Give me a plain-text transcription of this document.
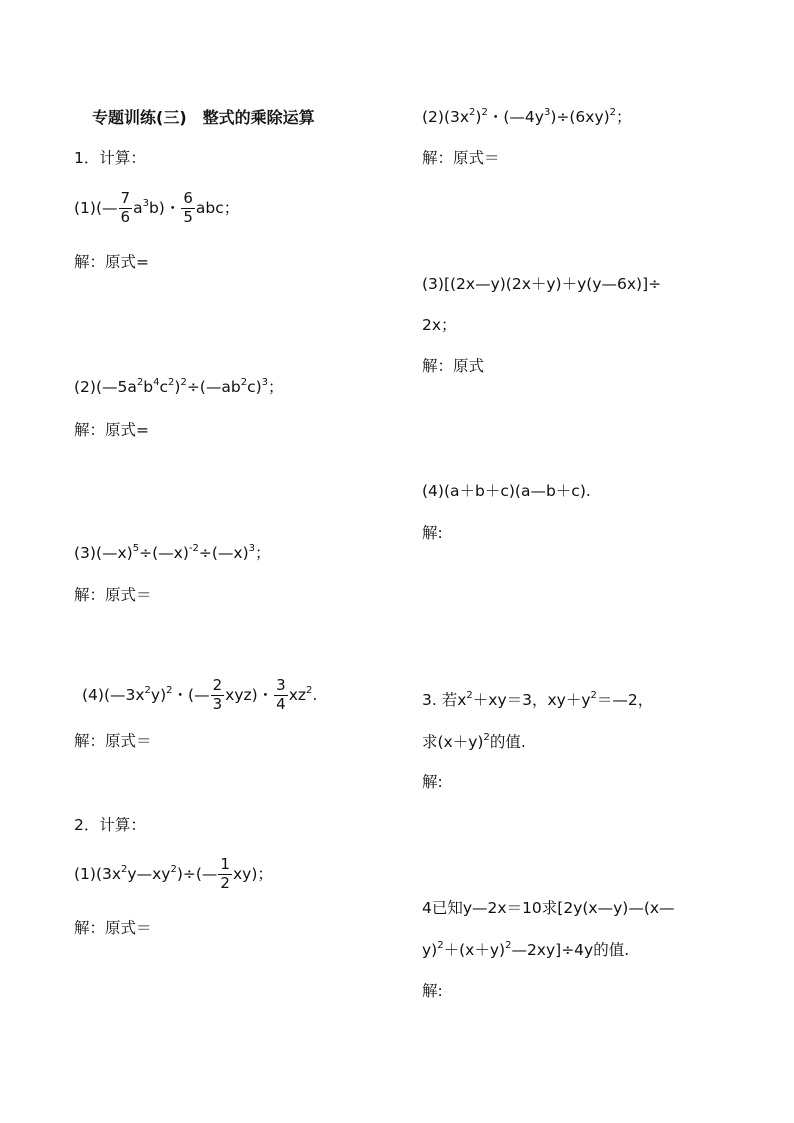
专题训练(三)　整式的乘除运算
1．计算：
(1)(— $\frac{7}{6} a^3b$)・ $\frac{6}{5}$ abc；
解：原式=
$(2)(—5a^2b^4c^2)^2\div(—ab^2c)^3$；
解：原式=
(3)(—x)$^5$÷(—x)$^{-2}$÷(—x)$^3$；
解：原式＝
$(4)(—3x^2y)^2$・(— $\frac{2}{3} xyz$)・ $\frac{3}{4} xz^2$.
解：原式＝
2．计算：
$(1)(3x^2y—xy^2)\div(— \frac{1}{2} xy)$；
解：原式＝
$(2)(3x^2)^2$・$(—4y^3)\div(6xy)^2$；
解：原式＝
(3)[(2x—y)(2x＋y)＋y(y—6x)]÷
2x；
解：原式
(4)(a＋b＋c)(a—b＋c).
解:
3. 若$x^2+xy=3$，$xy+y^2=—2$，
求$(x+y)^2$的值.
解:
4已知y—2x＝10求[2y(x—y)—(x—
$y)^2+(x+y)^2—2xy]\div 4y$的值.
解:
